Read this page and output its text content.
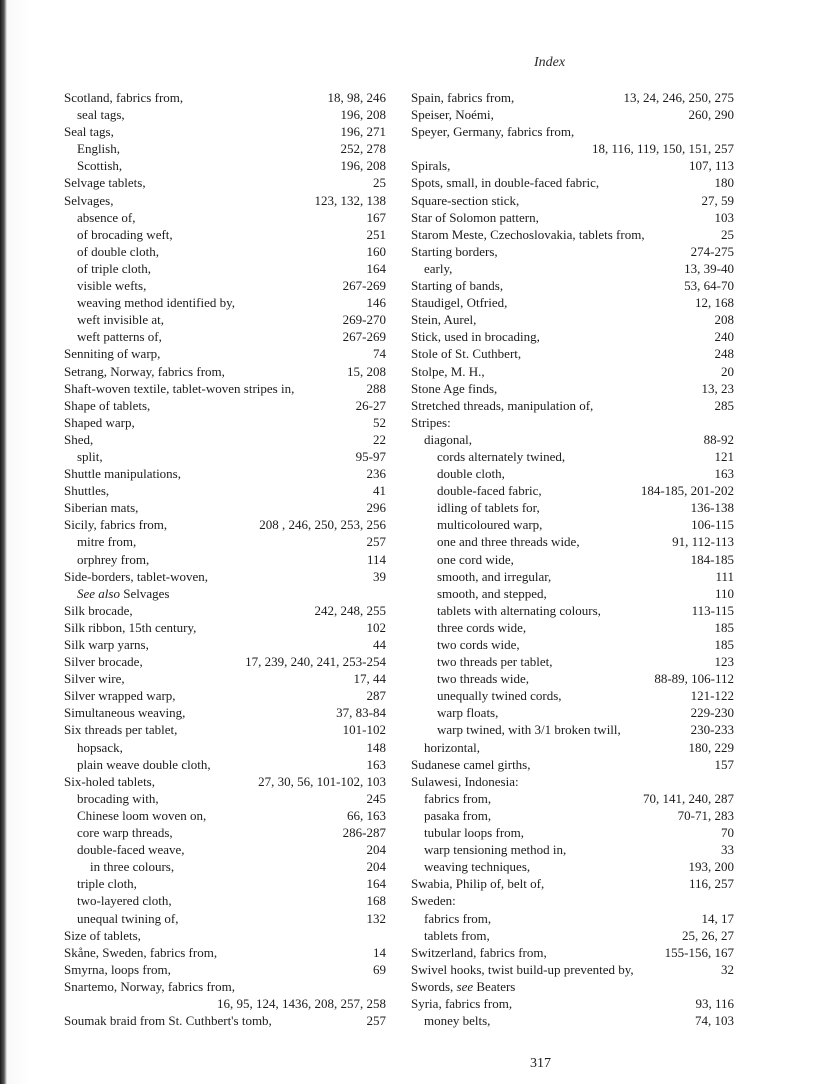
Index
Scotland, fabrics from,	18, 98, 246
seal tags,	196, 208
Seal tags,	196, 271
English,	252, 278
Scottish,	196, 208
Selvage tablets,	25
Selvages,	123, 132, 138
absence of,	167
of brocading weft,	251
of double cloth,	160
of triple cloth,	164
visible wefts,	267-269
weaving method identified by,	146
weft invisible at,	269-270
weft patterns of,	267-269
Senniting of warp,	74
Setrang, Norway, fabrics from,	15, 208
Shaft-woven textile, tablet-woven stripes in,	288
Shape of tablets,	26-27
Shaped warp,	52
Shed,	22
split,	95-97
Shuttle manipulations,	236
Shuttles,	41
Siberian mats,	296
Sicily, fabrics from,	208 , 246, 250, 253, 256
mitre from,	257
orphrey from,	114
Side-borders, tablet-woven,	39
See also Selvages
Silk brocade,	242, 248, 255
Silk ribbon, 15th century,	102
Silk warp yarns,	44
Silver brocade,	17, 239, 240, 241, 253-254
Silver wire,	17, 44
Silver wrapped warp,	287
Simultaneous weaving,	37, 83-84
Six threads per tablet,	101-102
hopsack,	148
plain weave double cloth,	163
Six-holed tablets,	27, 30, 56, 101-102, 103
brocading with,	245
Chinese loom woven on,	66, 163
core warp threads,	286-287
double-faced weave,	204
in three colours,	204
triple cloth,	164
two-layered cloth,	168
unequal twining of,	132
Size of tablets,
Skåne, Sweden, fabrics from,	14
Smyrna, loops from,	69
Snartemo, Norway, fabrics from,
16, 95, 124, 1436, 208, 257, 258
Soumak braid from St. Cuthbert's tomb,	257
Spain, fabrics from,	13, 24, 246, 250, 275
Speiser, Noémi,	260, 290
Speyer, Germany, fabrics from,
18, 116, 119, 150, 151, 257
Spirals,	107, 113
Spots, small, in double-faced fabric,	180
Square-section stick,	27, 59
Star of Solomon pattern,	103
Starom Meste, Czechoslovakia, tablets from,	25
Starting borders,	274-275
early,	13, 39-40
Starting of bands,	53, 64-70
Staudigel, Otfried,	12, 168
Stein, Aurel,	208
Stick, used in brocading,	240
Stole of St. Cuthbert,	248
Stolpe, M. H.,	20
Stone Age finds,	13, 23
Stretched threads, manipulation of,	285
Stripes:
diagonal,	88-92
cords alternately twined,	121
double cloth,	163
double-faced fabric,	184-185, 201-202
idling of tablets for,	136-138
multicoloured warp,	106-115
one and three threads wide,	91, 112-113
one cord wide,	184-185
smooth, and irregular,	111
smooth, and stepped,	110
tablets with alternating colours,	113-115
three cords wide,	185
two cords wide,	185
two threads per tablet,	123
two threads wide,	88-89, 106-112
unequally twined cords,	121-122
warp floats,	229-230
warp twined, with 3/1 broken twill,	230-233
horizontal,	180, 229
Sudanese camel girths,	157
Sulawesi, Indonesia:
fabrics from,	70, 141, 240, 287
pasaka from,	70-71, 283
tubular loops from,	70
warp tensioning method in,	33
weaving techniques,	193, 200
Swabia, Philip of, belt of,	116, 257
Sweden:
fabrics from,	14, 17
tablets from,	25, 26, 27
Switzerland, fabrics from,	155-156, 167
Swivel hooks, twist build-up prevented by,	32
Swords, see Beaters
Syria, fabrics from,	93, 116
money belts,	74, 103
317
